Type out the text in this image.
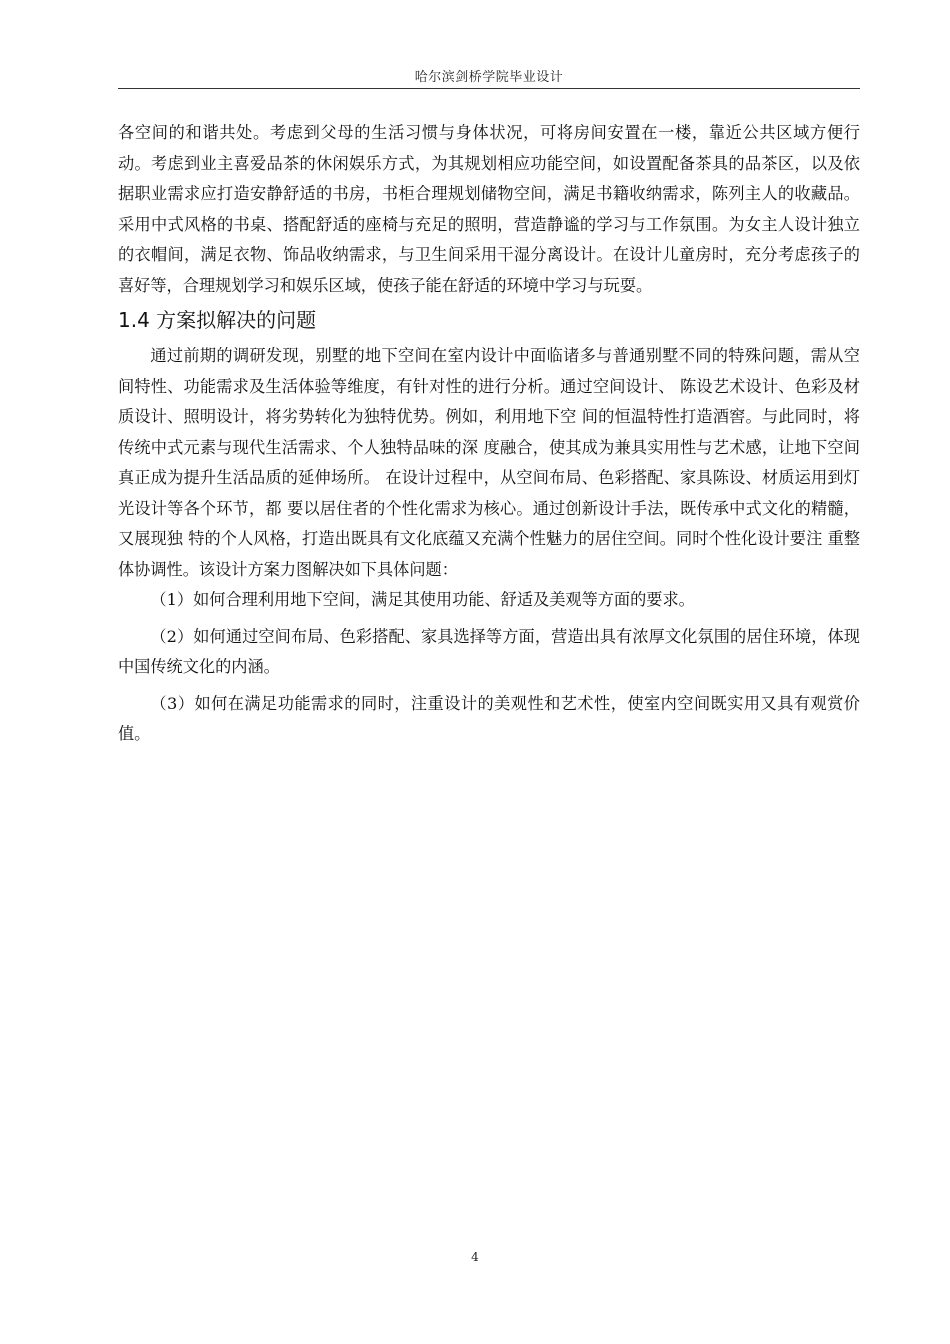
哈尔滨剑桥学院毕业设计

各空间的和谐共处。考虑到父母的生活习惯与身体状况，可将房间安置在一楼，靠近公共区域方便行动。考虑到业主喜爱品茶的休闲娱乐方式，为其规划相应功能空间，如设置配备茶具的品茶区，以及依据职业需求应打造安静舒适的书房，书柜合理规划储物空间，满足书籍收纳需求，陈列主人的收藏品。采用中式风格的书桌、搭配舒适的座椅与充足的照明，营造静谧的学习与工作氛围。为女主人设计独立的衣帽间，满足衣物、饰品收纳需求，与卫生间采用干湿分离设计。在设计儿童房时，充分考虑孩子的喜好等，合理规划学习和娱乐区域，使孩子能在舒适的环境中学习与玩耍。

1.4 方案拟解决的问题

通过前期的调研发现，别墅的地下空间在室内设计中面临诸多与普通别墅不同的特殊问题，需从空间特性、功能需求及生活体验等维度，有针对性的进行分析。通过空间设计、 陈设艺术设计、色彩及材质设计、照明设计，将劣势转化为独特优势。例如，利用地下空 间的恒温特性打造酒窖。与此同时，将传统中式元素与现代生活需求、个人独特品味的深 度融合，使其成为兼具实用性与艺术感，让地下空间真正成为提升生活品质的延伸场所。 在设计过程中，从空间布局、色彩搭配、家具陈设、材质运用到灯光设计等各个环节，都 要以居住者的个性化需求为核心。通过创新设计手法，既传承中式文化的精髓，又展现独 特的个人风格，打造出既具有文化底蕴又充满个性魅力的居住空间。同时个性化设计要注 重整体协调性。该设计方案力图解决如下具体问题：

（1）如何合理利用地下空间，满足其使用功能、舒适及美观等方面的要求。

（2）如何通过空间布局、色彩搭配、家具选择等方面，营造出具有浓厚文化氛围的居住环境，体现中国传统文化的内涵。

（3）如何在满足功能需求的同时，注重设计的美观性和艺术性，使室内空间既实用又具有观赏价值。

4
